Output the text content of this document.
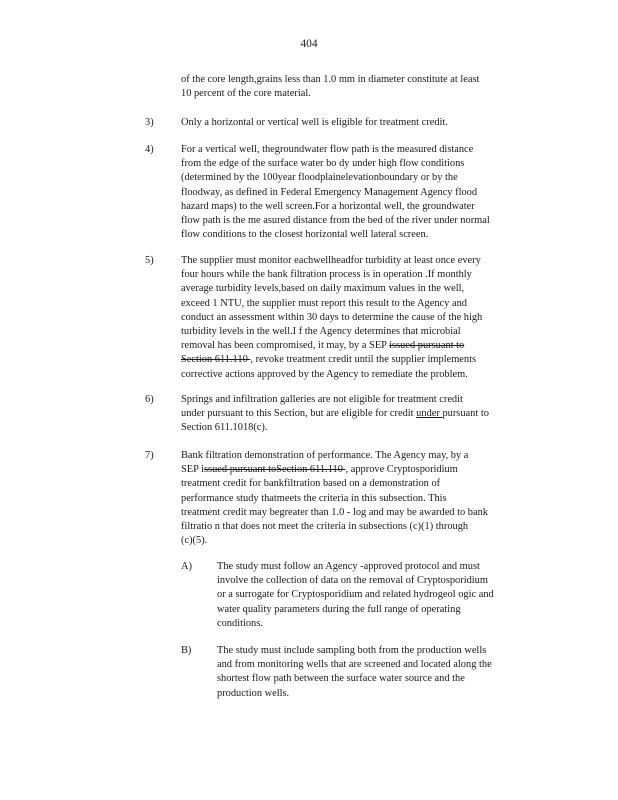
404
of the core length,grains less than 1.0 mm in diameter constitute at least
10 percent of the core material.
3)	Only a horizontal or vertical well is eligible for treatment credit.
4)	For a vertical well, thegroundwater flow path is the measured distance
from the edge of the surface water bo dy under high flow conditions
(determined by the 100year floodplainelevationboundary or by the
floodway, as defined in Federal Emergency Management Agency flood
hazard maps) to the well screen.For a horizontal well, the groundwater
flow path is the me asured distance from the bed of the river under normal
flow conditions to the closest horizontal well lateral screen.
5)	The supplier must monitor eachwellheadfor turbidity at least once every
four hours while the bank filtration process is in operation .If monthly
average turbidity levels,based on daily maximum values in the well,
exceed 1 NTU, the supplier must report this result to the Agency and
conduct an assessment within 30 days to determine the cause of the high
turbidity levels in the well.I f the Agency determines that microbial
removal has been compromised, it may, by a SEP issued pursuant to
Section 611.110 , revoke treatment credit until the supplier implements
corrective actions approved by the Agency to remediate the problem.
6)	Springs and infiltration galleries are not eligible for treatment credit
under pursuant to this Section, but are eligible for credit under pursuant to
Section 611.1018(c).
7)	Bank filtration demonstration of performance. The Agency may, by a
SEP issued pursuant toSection 611.110 , approve Cryptosporidium
treatment credit for bankfiltration based on a demonstration of
performance study thatmeets the criteria in this subsection. This
treatment credit may begreater than 1.0 - log and may be awarded to bank
filtratio n that does not meet the criteria in subsections (c)(1) through
(c)(5).
A) The study must follow an Agency -approved protocol and must
involve the collection of data on the removal of Cryptosporidium
or a surrogate for Cryptosporidium and related hydrogeol ogic and
water quality parameters during the full range of operating
conditions.
B) The study must include sampling both from the production wells
and from monitoring wells that are screened and located along the
shortest flow path between the surface water source and the
production wells.
